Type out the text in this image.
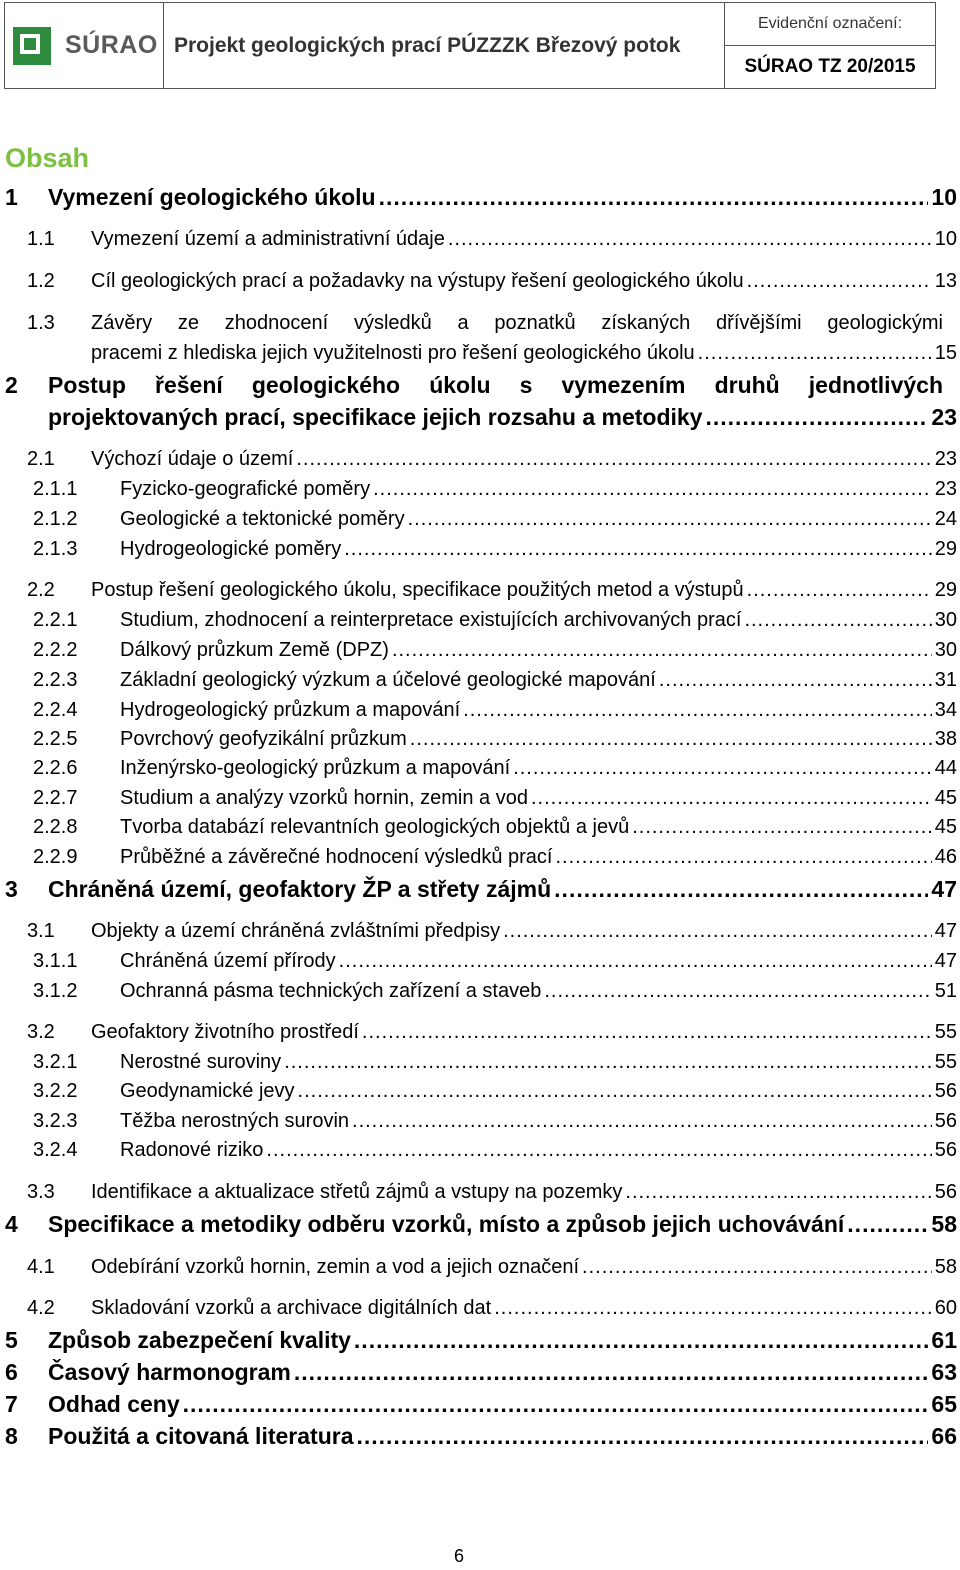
SÚRAO Projekt geologických prací PÚZZZK Březový potok
Evidenční označení:
SÚRAO TZ 20/2015
Obsah
1 Vymezení geologického úkolu .....	10
1.1 Vymezení území a administrativní údaje .....	10
1.2 Cíl geologických prací a požadavky na výstupy řešení geologického úkolu .....	13
1.3 Závěry ze zhodnocení výsledků a poznatků získaných dřívějšími geologickými
pracemi z hlediska jejich využitelnosti pro řešení geologického úkolu .....	15
2 Postup řešení geologického úkolu s vymezením druhů jednotlivých
projektovaných prací, specifikace jejich rozsahu a metodiky .....	23
2.1 Výchozí údaje o území .....	23
2.1.1 Fyzicko-geografické poměry .....	23
2.1.2 Geologické a tektonické poměry .....	24
2.1.3 Hydrogeologické poměry .....	29
2.2 Postup řešení geologického úkolu, specifikace použitých metod a výstupů .....	29
2.2.1 Studium, zhodnocení a reinterpretace existujících archivovaných prací .....	30
2.2.2 Dálkový průzkum Země (DPZ) .....	30
2.2.3 Základní geologický výzkum a účelové geologické mapování .....	31
2.2.4 Hydrogeologický průzkum a mapování .....	34
2.2.5 Povrchový geofyzikální průzkum .....	38
2.2.6 Inženýrsko-geologický průzkum a mapování .....	44
2.2.7 Studium a analýzy vzorků hornin, zemin a vod .....	45
2.2.8 Tvorba databází relevantních geologických objektů a jevů .....	45
2.2.9 Průběžné a závěrečné hodnocení výsledků prací .....	46
3 Chráněná území, geofaktory ŽP a střety zájmů .....	47
3.1 Objekty a území chráněná zvláštními předpisy .....	47
3.1.1 Chráněná území přírody .....	47
3.1.2 Ochranná pásma technických zařízení a staveb .....	51
3.2 Geofaktory životního prostředí .....	55
3.2.1 Nerostné suroviny .....	55
3.2.2 Geodynamické jevy .....	56
3.2.3 Těžba nerostných surovin .....	56
3.2.4 Radonové riziko .....	56
3.3 Identifikace a aktualizace střetů zájmů a vstupy na pozemky .....	56
4 Specifikace a metodiky odběru vzorků, místo a způsob jejich uchovávání .....	58
4.1 Odebírání vzorků hornin, zemin a vod a jejich označení .....	58
4.2 Skladování vzorků a archivace digitálních dat .....	60
5 Způsob zabezpečení kvality .....	61
6 Časový harmonogram .....	63
7 Odhad ceny .....	65
8 Použitá a citovaná literatura .....	66
6
